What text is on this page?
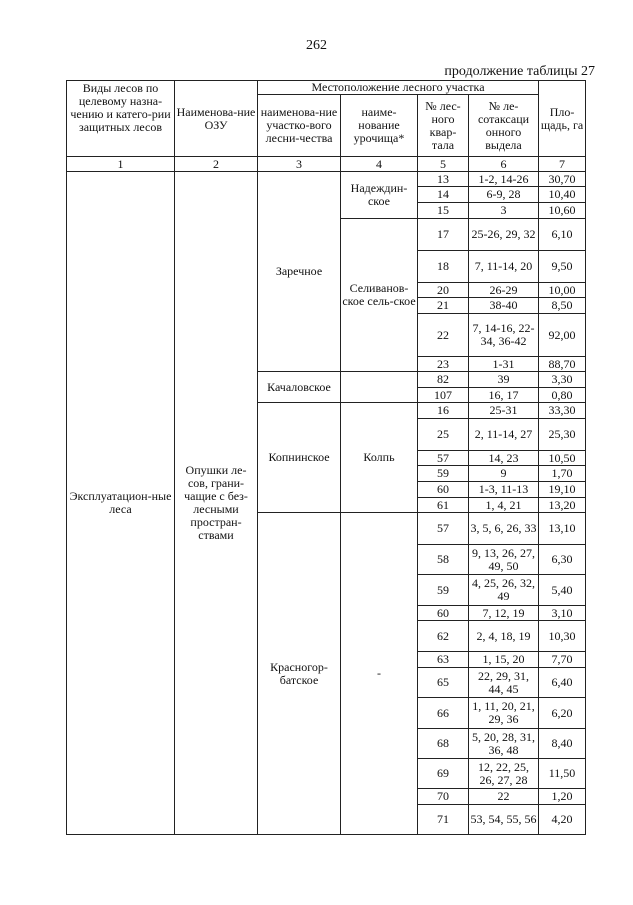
262
продолжение таблицы 27
Виды лесов по целевому назна-чению и катего-рии защитных лесов	Наименова-ние ОЗУ	Местоположение лесного участка				Пло-щадь, га
		наименова-ние участко-вого лесни-чества	наиме-нование урочища*	№ лес-ного квар-тала	№ ле-сотаксаци онного выдела	
1	2	3	4	5	6	7
Эксплуатацион-ные леса	Опушки ле-сов, грани-чащие с без-лесными простран-ствами	Заречное	Надеждин-ское	13	1-2, 14-26	30,70
				14	6-9, 28	10,40
				15	3	10,60
			Селиванов-ское сель-ское	17	25-26, 29, 32	6,10
				18	7, 11-14, 20	9,50
				20	26-29	10,00
				21	38-40	8,50
				22	7, 14-16, 22-34, 36-42	92,00
				23	1-31	88,70
		Качаловское		82	39	3,30
				107	16, 17	0,80
		Копнинское	Колпь	16	25-31	33,30
				25	2, 11-14, 27	25,30
				57	14, 23	10,50
				59	9	1,70
				60	1-3, 11-13	19,10
				61	1, 4, 21	13,20
		Красногор-батское	-	57	3, 5, 6, 26, 33	13,10
				58	9, 13, 26, 27, 49, 50	6,30
				59	4, 25, 26, 32, 49	5,40
				60	7, 12, 19	3,10
				62	2, 4, 18, 19	10,30
				63	1, 15, 20	7,70
				65	22, 29, 31, 44, 45	6,40
				66	1, 11, 20, 21, 29, 36	6,20
				68	5, 20, 28, 31, 36, 48	8,40
				69	12, 22, 25, 26, 27, 28	11,50
				70	22	1,20
				71	53, 54, 55, 56	4,20
